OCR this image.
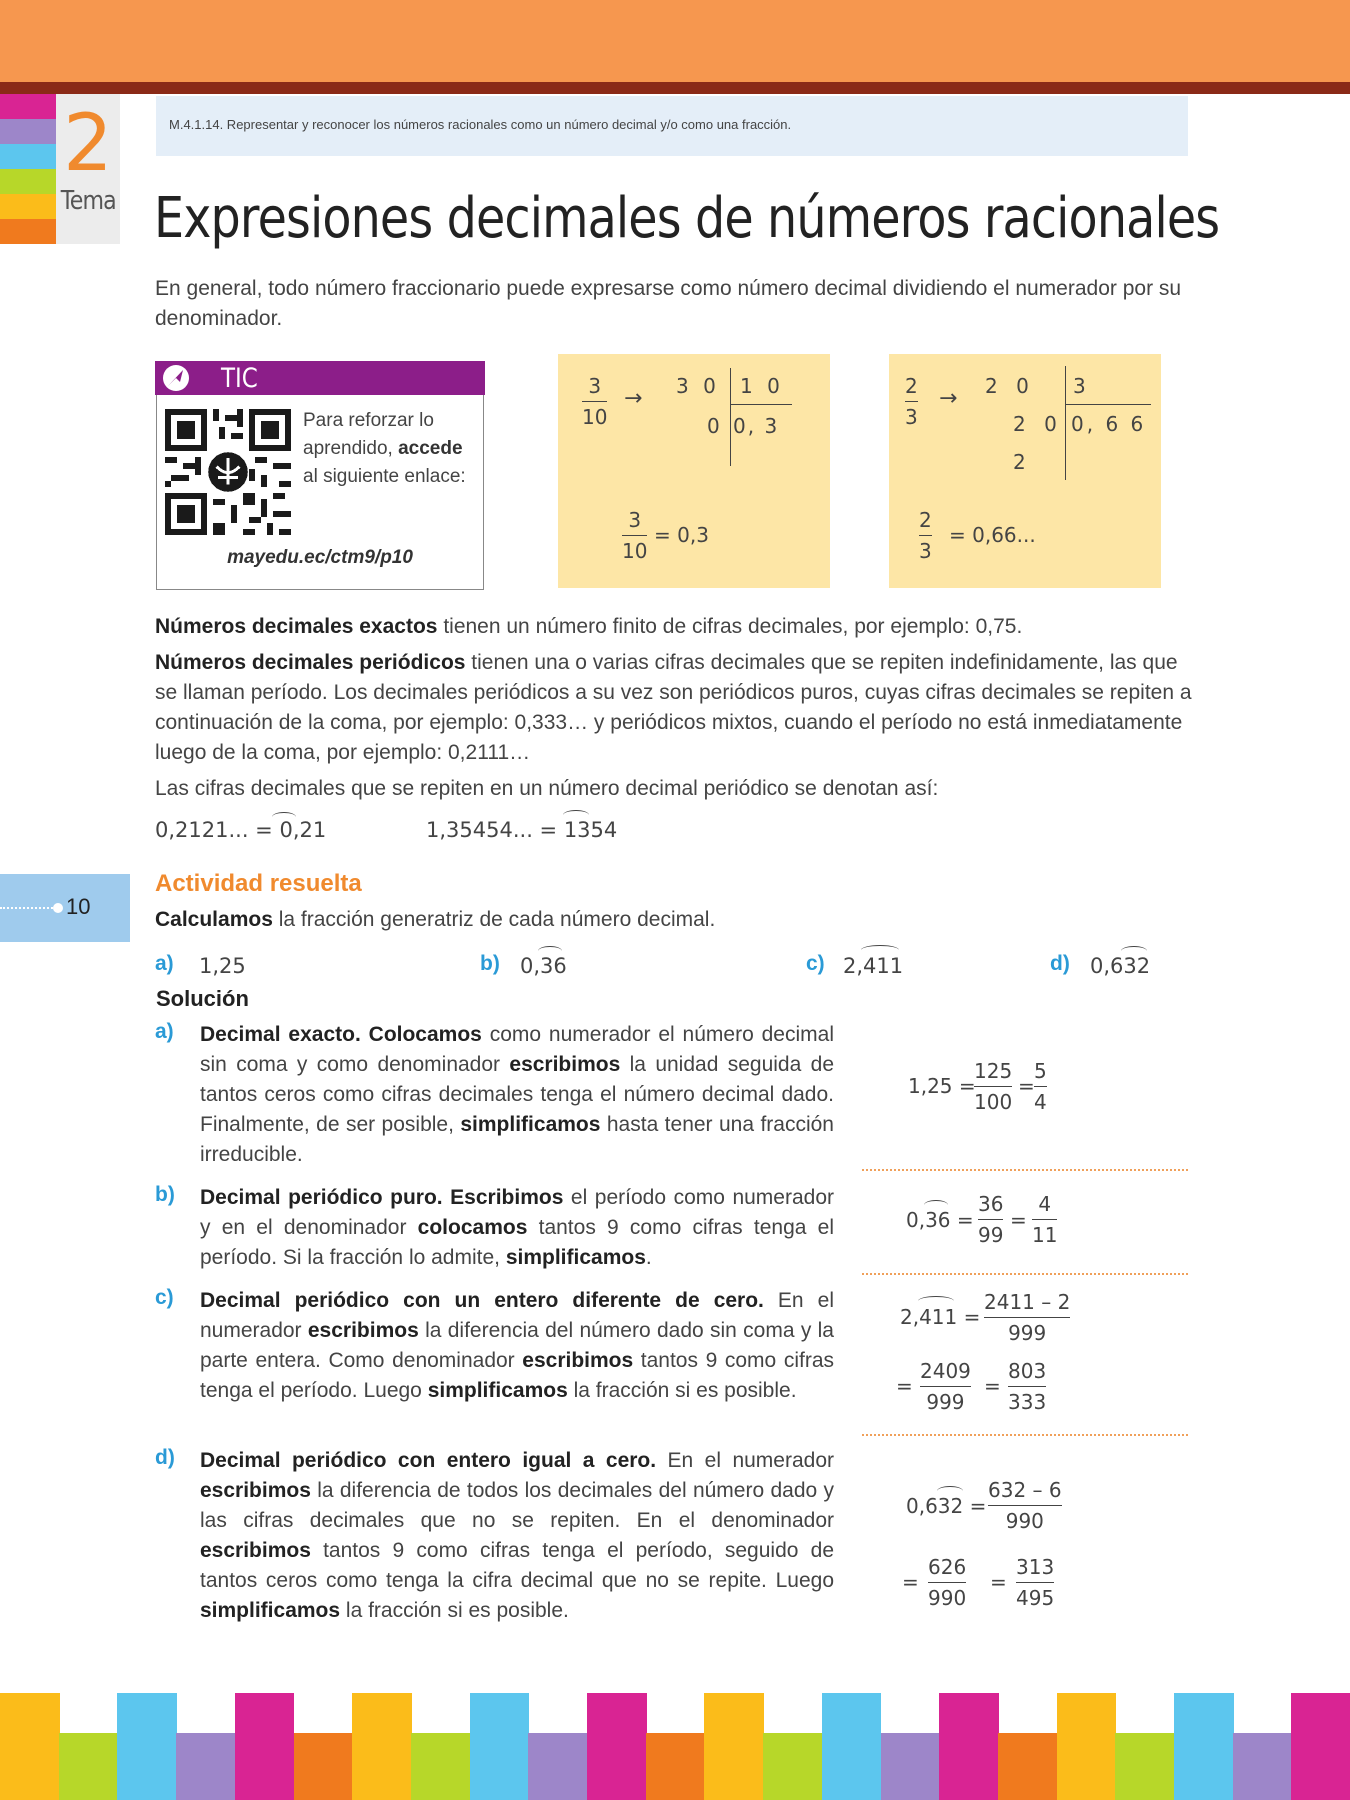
2
Tema
M.4.1.14. Representar y reconocer los números racionales como un número decimal y/o como una fracción.
Expresiones decimales de números racionales
En general, todo número fraccionario puede expresarse como número decimal dividiendo el numerador por su denominador.
TIC
Para reforzar lo aprendido, accede al siguiente enlace:
mayedu.ec/ctm9/p10
3
10
→ 3 0 1 0
0 0, 3
3
10
= 0,3
2
3
→ 2 0 3
2 0 0, 6 6
2
2
3
= 0,66...

Números decimales exactos tienen un número finito de cifras decimales, por ejemplo: 0,75.

Números decimales periódicos tienen una o varias cifras decimales que se repiten indefinidamente, las que se llaman período. Los decimales periódicos a su vez son periódicos puros, cuyas cifras decimales se repiten a continuación de la coma, por ejemplo: 0,333… y periódicos mixtos, cuando el período no está inmediatamente luego de la coma, por ejemplo: 0,2111…

Las cifras decimales que se repiten en un número decimal periódico se denotan así:

0,2121... = 0,21	1,35454... = 1354
10
Actividad resuelta
Calculamos la fracción generatriz de cada número decimal.
a) 1,25	b) 0,36	c) 2,411	d) 0,632
Solución
a) Decimal exacto. Colocamos como numerador el número decimal sin coma y como denominador escribimos la unidad seguida de tantos ceros como cifras decimales tenga el número decimal dado. Finalmente, de ser posible, simplificamos hasta tener una fracción irreducible.
b) Decimal periódico puro. Escribimos el período como numerador y en el denominador colocamos tantos 9 como cifras tenga el período. Si la fracción lo admite, simplificamos.
c) Decimal periódico con un entero diferente de cero. En el numerador escribimos la diferencia del número dado sin coma y la parte entera. Como denominador escribimos tantos 9 como cifras tenga el período. Luego simplificamos la fracción si es posible.
d) Decimal periódico con entero igual a cero. En el numerador escribimos la diferencia de todos los decimales del número dado y las cifras decimales que no se repiten. En el denominador escribimos tantos 9 como cifras tenga el período, seguido de tantos ceros como tenga la cifra decimal que no se repite. Luego simplificamos la fracción si es posible.
1,25 =
125
100
=
5
4
0,36 =
36
99
=
4
11
2,411 =
2411 – 2
999
=
2409
999
=
803
333
0,632 =
632 – 6
990
=
626
990
=
313
495
